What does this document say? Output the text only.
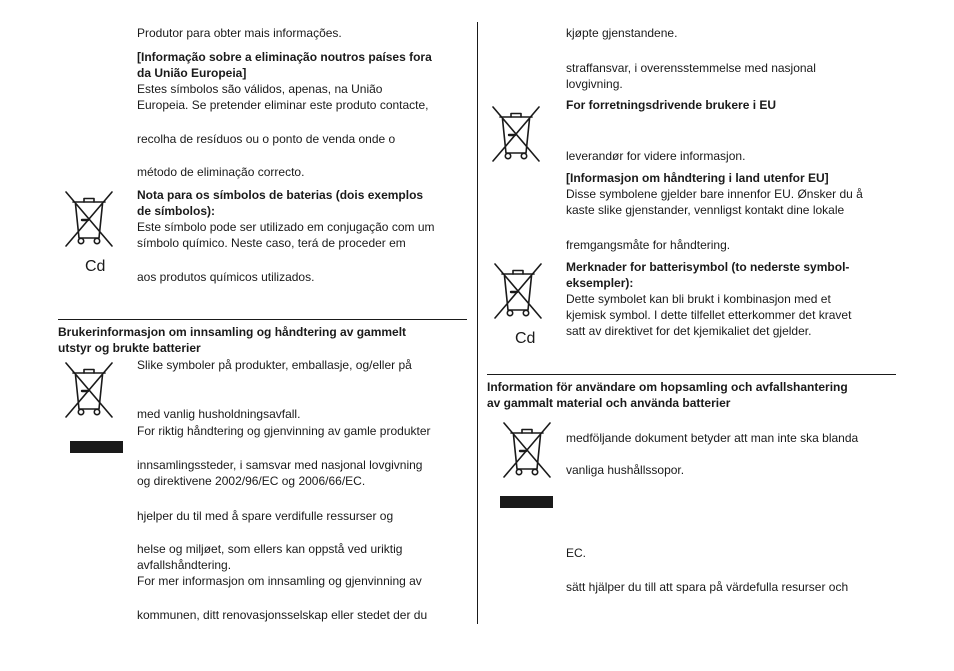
Produtor para obter mais informações.
[Informação sobre a eliminação noutros países fora
da União Europeia]
Estes símbolos são válidos, apenas, na União
Europeia. Se pretender eliminar este produto contacte,
recolha de resíduos ou o ponto de venda onde o
método de eliminação correcto.
Cd
Nota para os símbolos de baterias (dois exemplos
de símbolos):
Este símbolo pode ser utilizado em conjugação com um
símbolo químico. Neste caso, terá de proceder em
aos produtos químicos utilizados.
Brukerinformasjon om innsamling og håndtering av gammelt
utstyr og brukte batterier
Slike symboler på produkter, emballasje, og/eller på
med vanlig husholdningsavfall.
For riktig håndtering og gjenvinning av gamle produkter
innsamlingssteder, i samsvar med nasjonal lovgivning
og direktivene 2002/96/EC og 2006/66/EC.
hjelper du til med å spare verdifulle ressurser og
helse og miljøet, som ellers kan oppstå ved uriktig
avfallshåndtering.
For mer informasjon om innsamling og gjenvinning av
kommunen, ditt renovasjonsselskap eller stedet der du
kjøpte gjenstandene.
straffansvar, i overensstemmelse med nasjonal
lovgivning.
For forretningsdrivende brukere i EU
leverandør for videre informasjon.
[Informasjon om håndtering i land utenfor EU]
Disse symbolene gjelder bare innenfor EU. Ønsker du å
kaste slike gjenstander, vennligst kontakt dine lokale
fremgangsmåte for håndtering.
Cd
Merknader for batterisymbol (to nederste symbol-
eksempler):
Dette symbolet kan bli brukt i kombinasjon med et
kjemisk symbol. I dette tilfellet etterkommer det kravet
satt av direktivet for det kjemikaliet det gjelder.
Information för användare om hopsamling och avfallshantering
av gammalt material och använda batterier
medföljande dokument betyder att man inte ska blanda
vanliga hushållssopor.
EC.
sätt hjälper du till att spara på värdefulla resurser och
